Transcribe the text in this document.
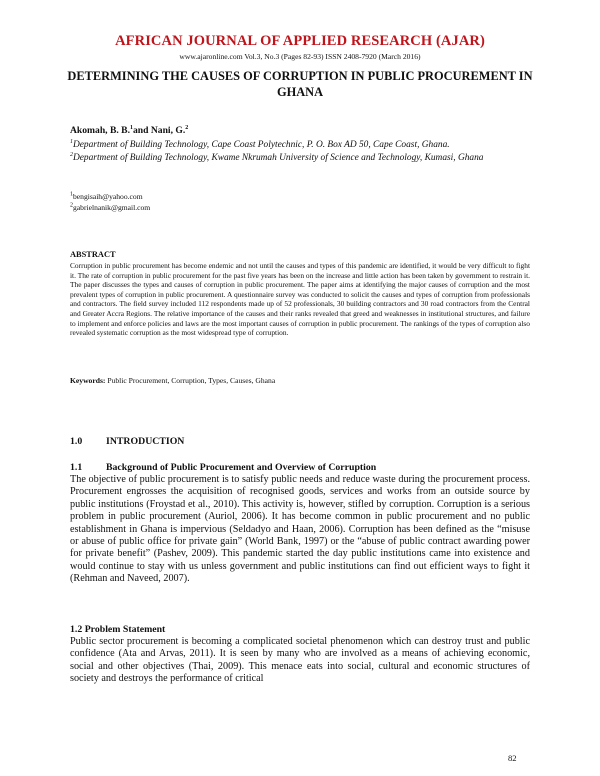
AFRICAN JOURNAL OF APPLIED RESEARCH (AJAR)
www.ajaronline.com Vol.3, No.3 (Pages 82-93) ISSN 2408-7920 (March 2016)
DETERMINING THE CAUSES OF CORRUPTION IN PUBLIC PROCUREMENT IN GHANA
Akomah, B. B.$^1$and Nani, G.$^2$
$^1$Department of Building Technology, Cape Coast Polytechnic, P. O. Box AD 50, Cape Coast, Ghana.
$^2$Department of Building Technology, Kwame Nkrumah University of Science and Technology, Kumasi, Ghana
$^1$bengisaih@yahoo.com
$^2$gabrielnanik@gmail.com
ABSTRACT

Corruption in public procurement has become endemic and not until the causes and types of this pandemic are identified, it would be very difficult to fight it. The rate of corruption in public procurement for the past five years has been on the increase and little action has been taken by government to restrain it. The paper discusses the types and causes of corruption in public procurement. The paper aims at identifying the major causes of corruption and the most prevalent types of corruption in public procurement. A questionnaire survey was conducted to solicit the causes and types of corruption from professionals and contractors. The field survey included 112 respondents made up of 52 professionals, 30 building contractors and 30 road contractors from the Central and Greater Accra Regions. The relative importance of the causes and their ranks revealed that greed and weaknesses in institutional structures, and failure to implement and enforce policies and laws are the most important causes of corruption in public procurement. The rankings of the types of corruption also revealed systematic corruption as the most widespread type of corruption.

Keywords: Public Procurement, Corruption, Types, Causes, Ghana
1.0 INTRODUCTION
1.1 Background of Public Procurement and Overview of Corruption

The objective of public procurement is to satisfy public needs and reduce waste during the procurement process. Procurement engrosses the acquisition of recognised goods, services and works from an outside source by public institutions (Froystad et al., 2010). This activity is, however, stifled by corruption. Corruption is a serious problem in public procurement (Auriol, 2006). It has become common in public procurement and no public establishment in Ghana is impervious (Seldadyo and Haan, 2006). Corruption has been defined as the “misuse or abuse of public office for private gain” (World Bank, 1997) or the “abuse of public contract awarding power for private benefit” (Pashev, 2009). This pandemic started the day public institutions came into existence and would continue to stay with us unless government and public institutions can find out efficient ways to fight it (Rehman and Naveed, 2007).

1.2 Problem Statement

Public sector procurement is becoming a complicated societal phenomenon which can destroy trust and public confidence (Ata and Arvas, 2011). It is seen by many who are involved as a means of achieving economic, social and other objectives (Thai, 2009). This menace eats into social, cultural and economic structures of society and destroys the performance of critical

82
